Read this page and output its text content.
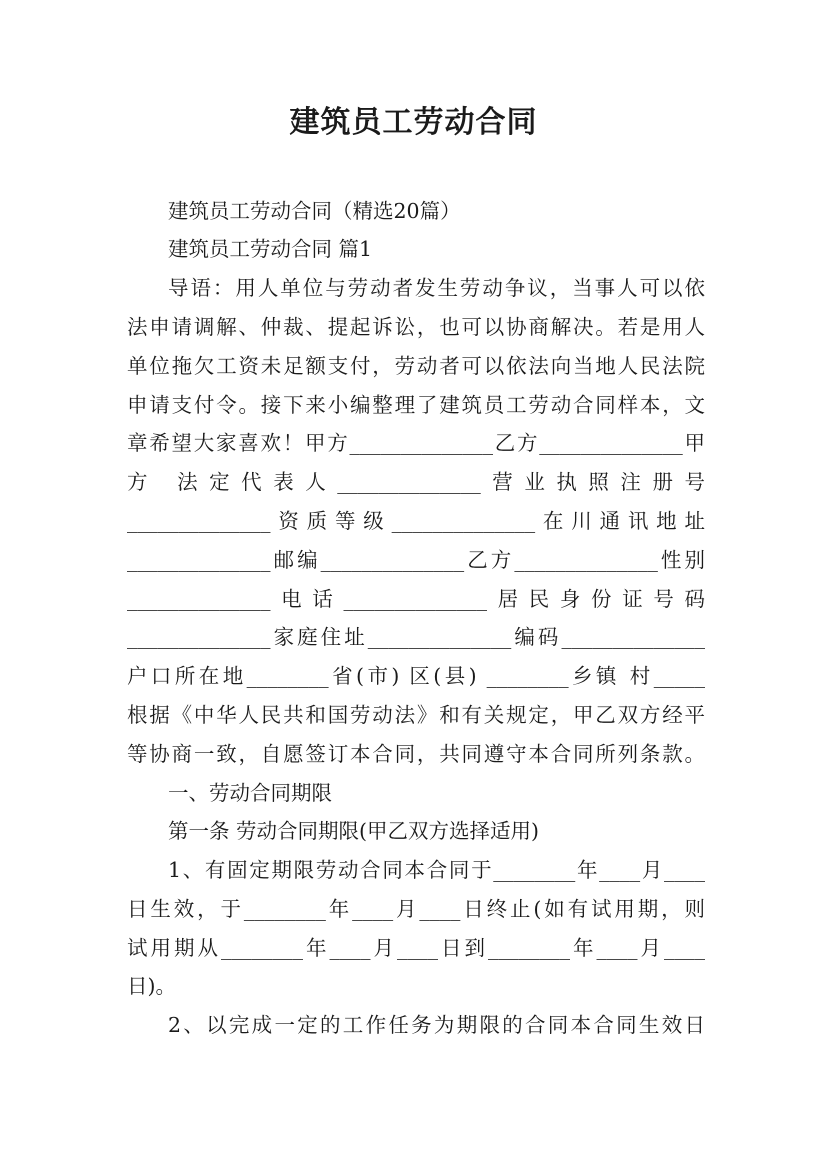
建筑员工劳动合同
建筑员工劳动合同（精选20篇）
建筑员工劳动合同 篇1
导语：用人单位与劳动者发生劳动争议，当事人可以依
法申请调解、仲裁、提起诉讼，也可以协商解决。若是用人
单位拖欠工资未足额支付，劳动者可以依法向当地人民法院
申请支付令。接下来小编整理了建筑员工劳动合同样本，文
章希望大家喜欢！甲方______________乙方______________甲
方 法定代表人______________营业执照注册号
______________资质等级______________在川通讯地址
______________邮编______________乙方______________性别
______________电话______________居民身份证号码
______________家庭住址______________编码______________
户口所在地________省(市) 区(县) ________乡镇 村_____
根据《中华人民共和国劳动法》和有关规定，甲乙双方经平
等协商一致，自愿签订本合同，共同遵守本合同所列条款。
一、劳动合同期限
第一条 劳动合同期限(甲乙双方选择适用)
1、有固定期限劳动合同本合同于________年____月____
日生效，于________年____月____日终止(如有试用期，则
试用期从________年____月____日到________年____月____
日)。
2、以完成一定的工作任务为期限的合同本合同生效日
